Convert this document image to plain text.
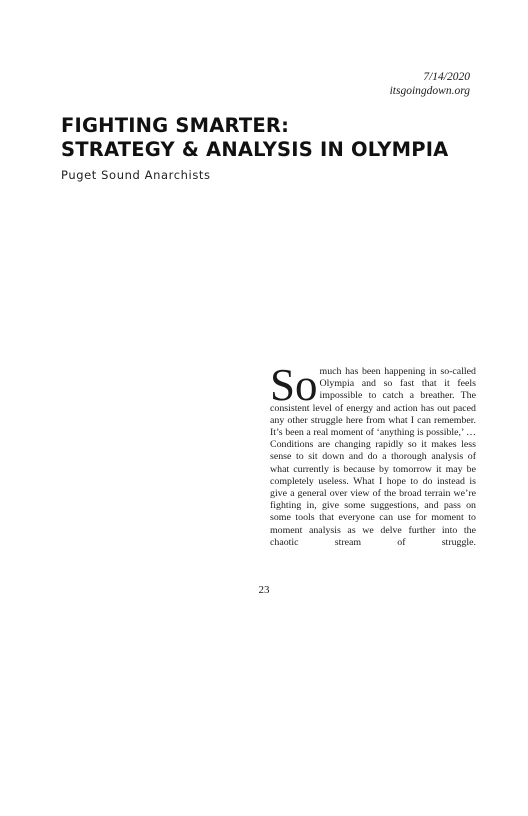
7/14/2020
itsgoingdown.org
FIGHTING SMARTER:
STRATEGY & ANALYSIS IN OLYMPIA
Puget Sound Anarchists
So much has been happening in so-called Olympia and so fast that it feels impossible to catch a breather. The consistent level of energy and action has out paced any other struggle here from what I can remember. It’s been a real moment of ‘anything is possible,’ … Conditions are changing rapidly so it makes less sense to sit down and do a thorough analysis of what currently is because by tomorrow it may be completely useless. What I hope to do instead is give a general over view of the broad terrain we’re fighting in, give some suggestions, and pass on some tools that everyone can use for moment to moment analysis as we delve further into the chaotic stream of struggle.
23
